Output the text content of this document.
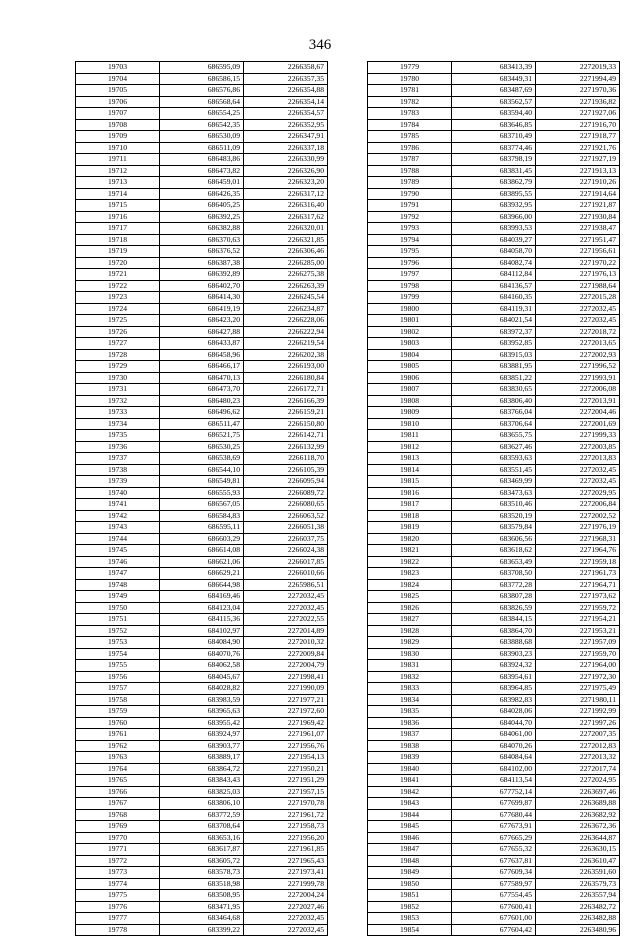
346
19703	686595,09	2266358,67
19704	686586,15	2266357,35
19705	686576,86	2266354,88
19706	686568,64	2266354,14
19707	686554,25	2266354,57
19708	686542,35	2266352,95
19709	686530,09	2266347,91
19710	686511,09	2266337,18
19711	686483,86	2266330,99
19712	686473,82	2266326,90
19713	686459,01	2266323,20
19714	686426,35	2266317,12
19715	686405,25	2266316,40
19716	686392,25	2266317,62
19717	686382,88	2266320,01
19718	686370,63	2266321,85
19719	686376,52	2266306,46
19720	686387,38	2266285,00
19721	686392,89	2266275,38
19722	686402,70	2266263,39
19723	686414,30	2266245,54
19724	686419,19	2266234,87
19725	686423,20	2266228,06
19726	686427,88	2266222,94
19727	686433,87	2266219,54
19728	686458,96	2266202,38
19729	686466,17	2266193,00
19730	686470,13	2266180,84
19731	686473,70	2266172,71
19732	686480,23	2266166,39
19733	686496,62	2266159,21
19734	686511,47	2266150,80
19735	686521,75	2266142,71
19736	686530,25	2266132,99
19737	686538,69	2266118,70
19738	686544,10	2266105,39
19739	686549,81	2266095,94
19740	686555,93	2266089,72
19741	686567,05	2266080,65
19742	686584,83	2266063,52
19743	686595,11	2266051,38
19744	686603,29	2266037,75
19745	686614,08	2266024,38
19746	686621,06	2266017,85
19747	686629,21	2266010,66
19748	686644,98	2265986,51
19749	684169,46	2272032,45
19750	684123,04	2272032,45
19751	684115,36	2272022,55
19752	684102,97	2272014,89
19753	684084,90	2272010,32
19754	684070,76	2272009,84
19755	684062,58	2272004,79
19756	684045,67	2271998,41
19757	684028,82	2271990,09
19758	683983,59	2271977,21
19759	683965,63	2271972,60
19760	683955,42	2271969,42
19761	683924,97	2271961,07
19762	683903,77	2271956,76
19763	683889,17	2271954,13
19764	683864,72	2271950,21
19765	683843,43	2271951,29
19766	683825,03	2271957,15
19767	683806,10	2271970,78
19768	683772,59	2271961,72
19769	683708,64	2271958,73
19770	683653,16	2271956,20
19771	683617,87	2271961,85
19772	683605,72	2271965,43
19773	683578,73	2271973,41
19774	683518,98	2271999,78
19775	683508,95	2272004,24
19776	683471,95	2272027,46
19777	683464,68	2272032,45
19778	683399,22	2272032,45
19779	683413,39	2272019,33
19780	683449,31	2271994,49
19781	683487,69	2271970,36
19782	683562,57	2271936,82
19783	683594,40	2271927,06
19784	683646,85	2271916,70
19785	683710,49	2271918,77
19786	683774,46	2271921,76
19787	683798,19	2271927,19
19788	683831,45	2271913,13
19789	683862,79	2271910,26
19790	683895,55	2271914,64
19791	683932,95	2271921,87
19792	683966,00	2271930,84
19793	683993,53	2271938,47
19794	684039,27	2271951,47
19795	684058,70	2271956,61
19796	684082,74	2271970,22
19797	684112,84	2271976,13
19798	684136,57	2271988,64
19799	684160,35	2272015,28
19800	684119,31	2272032,45
19801	684021,54	2272032,45
19802	683972,37	2272018,72
19803	683952,85	2272013,65
19804	683915,03	2272002,93
19805	683881,95	2271996,52
19806	683851,22	2271993,91
19807	683830,65	2272006,08
19808	683806,40	2272013,91
19809	683766,04	2272004,46
19810	683706,64	2272001,69
19811	683655,75	2271999,33
19812	683627,46	2272003,85
19813	683593,63	2272013,83
19814	683551,45	2272032,45
19815	683469,99	2272032,45
19816	683473,63	2272029,95
19817	683510,46	2272006,84
19818	683520,19	2272002,52
19819	683579,84	2271976,19
19820	683606,56	2271968,31
19821	683618,62	2271964,76
19822	683653,49	2271959,18
19823	683708,50	2271961,73
19824	683772,28	2271964,71
19825	683807,28	2271973,62
19826	683826,59	2271959,72
19827	683844,15	2271954,21
19828	683864,70	2271953,21
19829	683888,68	2271957,09
19830	683903,23	2271959,70
19831	683924,32	2271964,00
19832	683954,61	2271972,30
19833	683964,85	2271975,49
19834	683982,83	2271980,11
19835	684028,06	2271992,99
19836	684044,70	2271997,26
19837	684061,00	2272007,35
19838	684070,26	2272012,83
19839	684084,64	2272013,32
19840	684102,00	2272017,74
19841	684113,54	2272024,95
19842	677752,14	2263697,46
19843	677699,87	2263689,88
19844	677680,44	2263682,92
19845	677673,91	2263672,36
19846	677665,29	2263644,87
19847	677655,32	2263630,15
19848	677637,81	2263610,47
19849	677609,34	2263591,60
19850	677589,97	2263579,73
19851	677554,45	2263557,94
19852	677600,41	2263482,72
19853	677601,00	2263482,88
19854	677604,42	2263480,96
